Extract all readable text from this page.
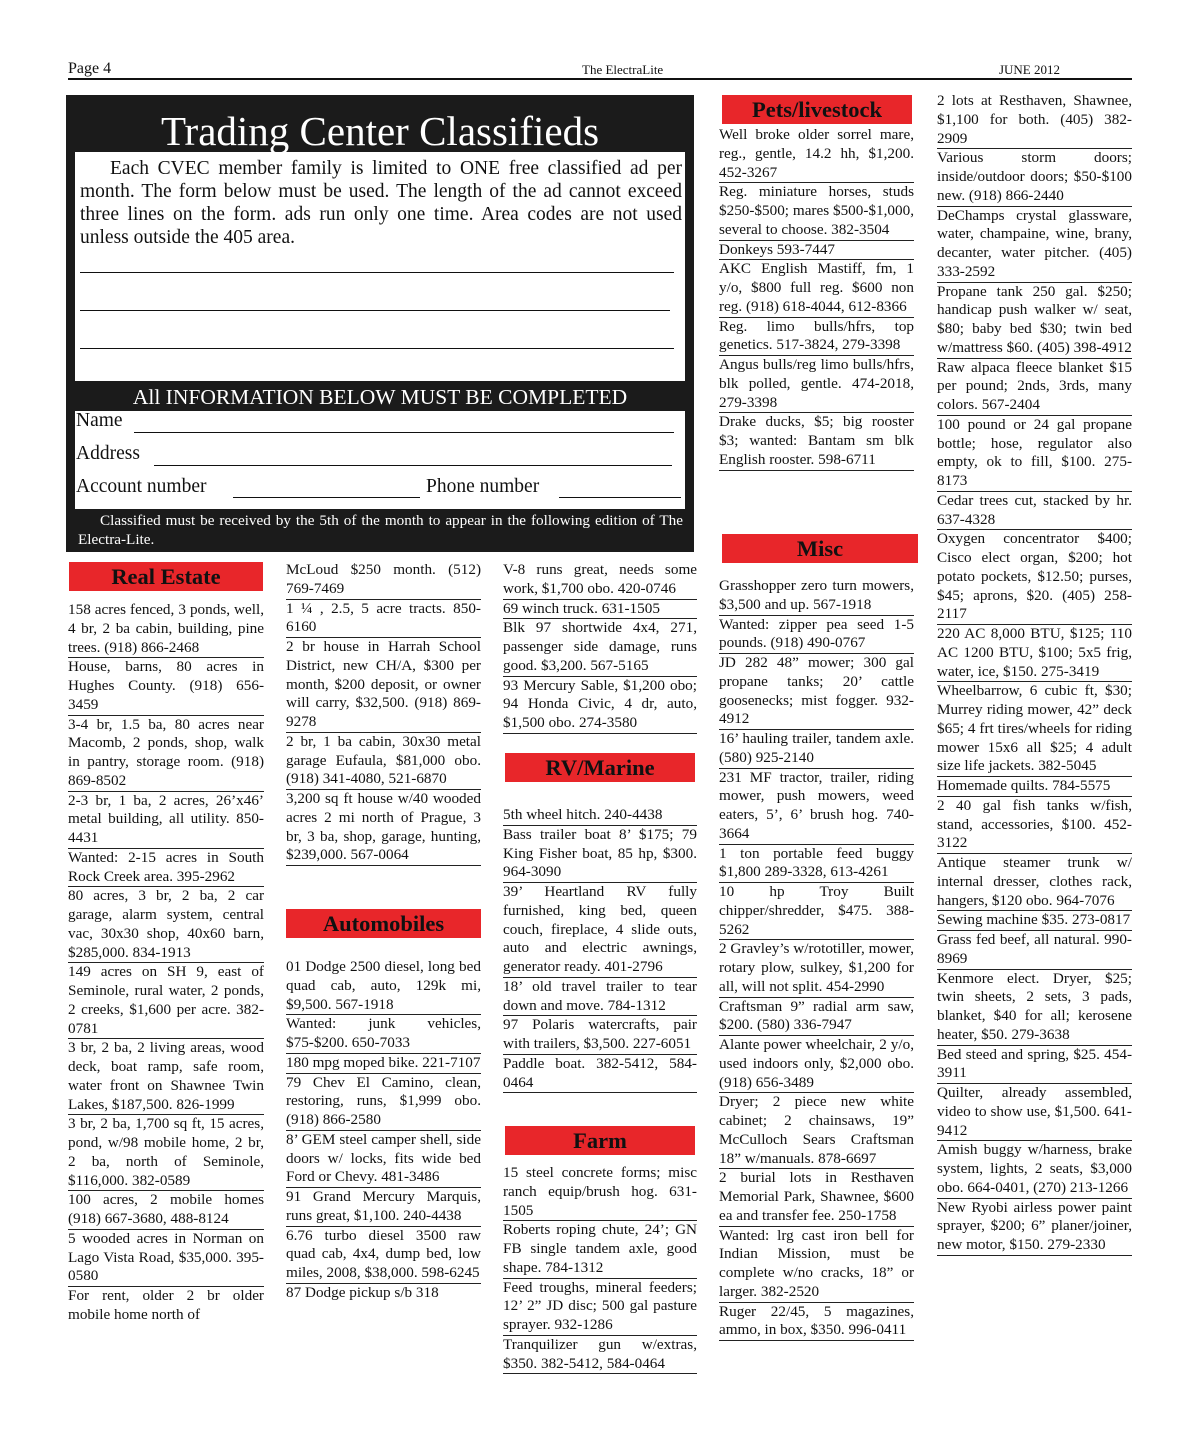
Page 4	The ElectraLite	JUNE 2012
Trading Center Classifieds
Each CVEC member family is limited to ONE free classified ad per month. The form below must be used. The length of the ad cannot exceed three lines on the form. ads run only one time. Area codes are not used unless outside the 405 area.
All INFORMATION BELOW MUST BE COMPLETED
Name
Address
Account number	Phone number
Classified must be received by the 5th of the month to appear in the following edition of The Electra-Lite.
Real Estate
158 acres fenced, 3 ponds, well, 4 br, 2 ba cabin, building, pine trees. (918) 866-2468
House, barns, 80 acres in Hughes County. (918) 656-3459
3-4 br, 1.5 ba, 80 acres near Macomb, 2 ponds, shop, walk in pantry, storage room. (918) 869-8502
2-3 br, 1 ba, 2 acres, 26’x46’ metal building, all utility. 850-4431
Wanted: 2-15 acres in South Rock Creek area. 395-2962
80 acres, 3 br, 2 ba, 2 car garage, alarm system, central vac, 30x30 shop, 40x60 barn, $285,000. 834-1913
149 acres on SH 9, east of Seminole, rural water, 2 ponds, 2 creeks, $1,600 per acre. 382-0781
3 br, 2 ba, 2 living areas, wood deck, boat ramp, safe room, water front on Shawnee Twin Lakes, $187,500. 826-1999
3 br, 2 ba, 1,700 sq ft, 15 acres, pond, w/98 mobile home, 2 br, 2 ba, north of Seminole, $116,000. 382-0589
100 acres, 2 mobile homes (918) 667-3680, 488-8124
5 wooded acres in Norman on Lago Vista Road, $35,000. 395-0580
For rent, older 2 br older mobile home north of
McLoud $250 month. (512) 769-7469
1 ¼ , 2.5, 5 acre tracts. 850-6160
2 br house in Harrah School District, new CH/A, $300 per month, $200 deposit, or owner will carry, $32,500. (918) 869-9278
2 br, 1 ba cabin, 30x30 metal garage Eufaula, $81,000 obo. (918) 341-4080, 521-6870
3,200 sq ft house w/40 wooded acres 2 mi north of Prague, 3 br, 3 ba, shop, garage, hunting, $239,000. 567-0064
Automobiles
01 Dodge 2500 diesel, long bed quad cab, auto, 129k mi, $9,500. 567-1918
Wanted: junk vehicles, $75-$200. 650-7033
180 mpg moped bike. 221-7107
79 Chev El Camino, clean, restoring, runs, $1,999 obo. (918) 866-2580
8’ GEM steel camper shell, side doors w/ locks, fits wide bed Ford or Chevy. 481-3486
91 Grand Mercury Marquis, runs great, $1,100. 240-4438
6.76 turbo diesel 3500 raw quad cab, 4x4, dump bed, low miles, 2008, $38,000. 598-6245
87 Dodge pickup s/b 318
V-8 runs great, needs some work, $1,700 obo. 420-0746
69 winch truck. 631-1505
Blk 97 shortwide 4x4, 271, passenger side damage, runs good. $3,200. 567-5165
93 Mercury Sable, $1,200 obo; 94 Honda Civic, 4 dr, auto, $1,500 obo. 274-3580
RV/Marine
5th wheel hitch. 240-4438
Bass trailer boat 8’ $175; 79 King Fisher boat, 85 hp, $300. 964-3090
39’ Heartland RV fully furnished, king bed, queen couch, fireplace, 4 slide outs, auto and electric awnings, generator ready. 401-2796
18’ old travel trailer to tear down and move. 784-1312
97 Polaris watercrafts, pair with trailers, $3,500. 227-6051
Paddle boat. 382-5412, 584-0464
Farm
15 steel concrete forms; misc ranch equip/brush hog. 631-1505
Roberts roping chute, 24’; GN FB single tandem axle, good shape. 784-1312
Feed troughs, mineral feeders; 12’ 2” JD disc; 500 gal pasture sprayer. 932-1286
Tranquilizer gun w/extras, $350. 382-5412, 584-0464
Pets/livestock
Well broke older sorrel mare, reg., gentle, 14.2 hh, $1,200. 452-3267
Reg. miniature horses, studs $250-$500; mares $500-$1,000, several to choose. 382-3504
Donkeys 593-7447
AKC English Mastiff, fm, 1 y/o, $800 full reg. $600 non reg. (918) 618-4044, 612-8366
Reg. limo bulls/hfrs, top genetics. 517-3824, 279-3398
Angus bulls/reg limo bulls/hfrs, blk polled, gentle. 474-2018, 279-3398
Drake ducks, $5; big rooster $3; wanted: Bantam sm blk English rooster. 598-6711
Misc
Grasshopper zero turn mowers, $3,500 and up. 567-1918
Wanted: zipper pea seed 1-5 pounds. (918) 490-0767
JD 282 48” mower; 300 gal propane tanks; 20’ cattle goosenecks; mist fogger. 932-4912
16’ hauling trailer, tandem axle. (580) 925-2140
231 MF tractor, trailer, riding mower, push mowers, weed eaters, 5’, 6’ brush hog. 740-3664
1 ton portable feed buggy $1,800 289-3328, 613-4261
10 hp Troy Built chipper/shredder, $475. 388-5262
2 Gravley’s w/rototiller, mower, rotary plow, sulkey, $1,200 for all, will not split. 454-2990
Craftsman 9” radial arm saw, $200. (580) 336-7947
Alante power wheelchair, 2 y/o, used indoors only, $2,000 obo. (918) 656-3489
Dryer; 2 piece new white cabinet; 2 chainsaws, 19” McCulloch Sears Craftsman 18” w/manuals. 878-6697
2 burial lots in Resthaven Memorial Park, Shawnee, $600 ea and transfer fee. 250-1758
Wanted: lrg cast iron bell for Indian Mission, must be complete w/no cracks, 18” or larger. 382-2520
Ruger 22/45, 5 magazines, ammo, in box, $350. 996-0411
2 lots at Resthaven, Shawnee, $1,100 for both. (405) 382-2909
Various storm doors; inside/outdoor doors; $50-$100 new. (918) 866-2440
DeChamps crystal glassware, water, champaine, wine, brany, decanter, water pitcher. (405) 333-2592
Propane tank 250 gal. $250; handicap push walker w/ seat, $80; baby bed $30; twin bed w/mattress $60. (405) 398-4912
Raw alpaca fleece blanket $15 per pound; 2nds, 3rds, many colors. 567-2404
100 pound or 24 gal propane bottle; hose, regulator also empty, ok to fill, $100. 275-8173
Cedar trees cut, stacked by hr. 637-4328
Oxygen concentrator $400; Cisco elect organ, $200; hot potato pockets, $12.50; purses, $45; aprons, $20. (405) 258-2117
220 AC 8,000 BTU, $125; 110 AC 1200 BTU, $100; 5x5 frig, water, ice, $150. 275-3419
Wheelbarrow, 6 cubic ft, $30; Murrey riding mower, 42” deck $65; 4 frt tires/wheels for riding mower 15x6 all $25; 4 adult size life jackets. 382-5045
Homemade quilts. 784-5575
2 40 gal fish tanks w/fish, stand, accessories, $100. 452-3122
Antique steamer trunk w/ internal dresser, clothes rack, hangers, $120 obo. 964-7076
Sewing machine $35. 273-0817
Grass fed beef, all natural. 990-8969
Kenmore elect. Dryer, $25; twin sheets, 2 sets, 3 pads, blanket, $40 for all; kerosene heater, $50. 279-3638
Bed steed and spring, $25. 454-3911
Quilter, already assembled, video to show use, $1,500. 641-9412
Amish buggy w/harness, brake system, lights, 2 seats, $3,000 obo. 664-0401, (270) 213-1266
New Ryobi airless power paint sprayer, $200; 6” planer/joiner, new motor, $150. 279-2330
